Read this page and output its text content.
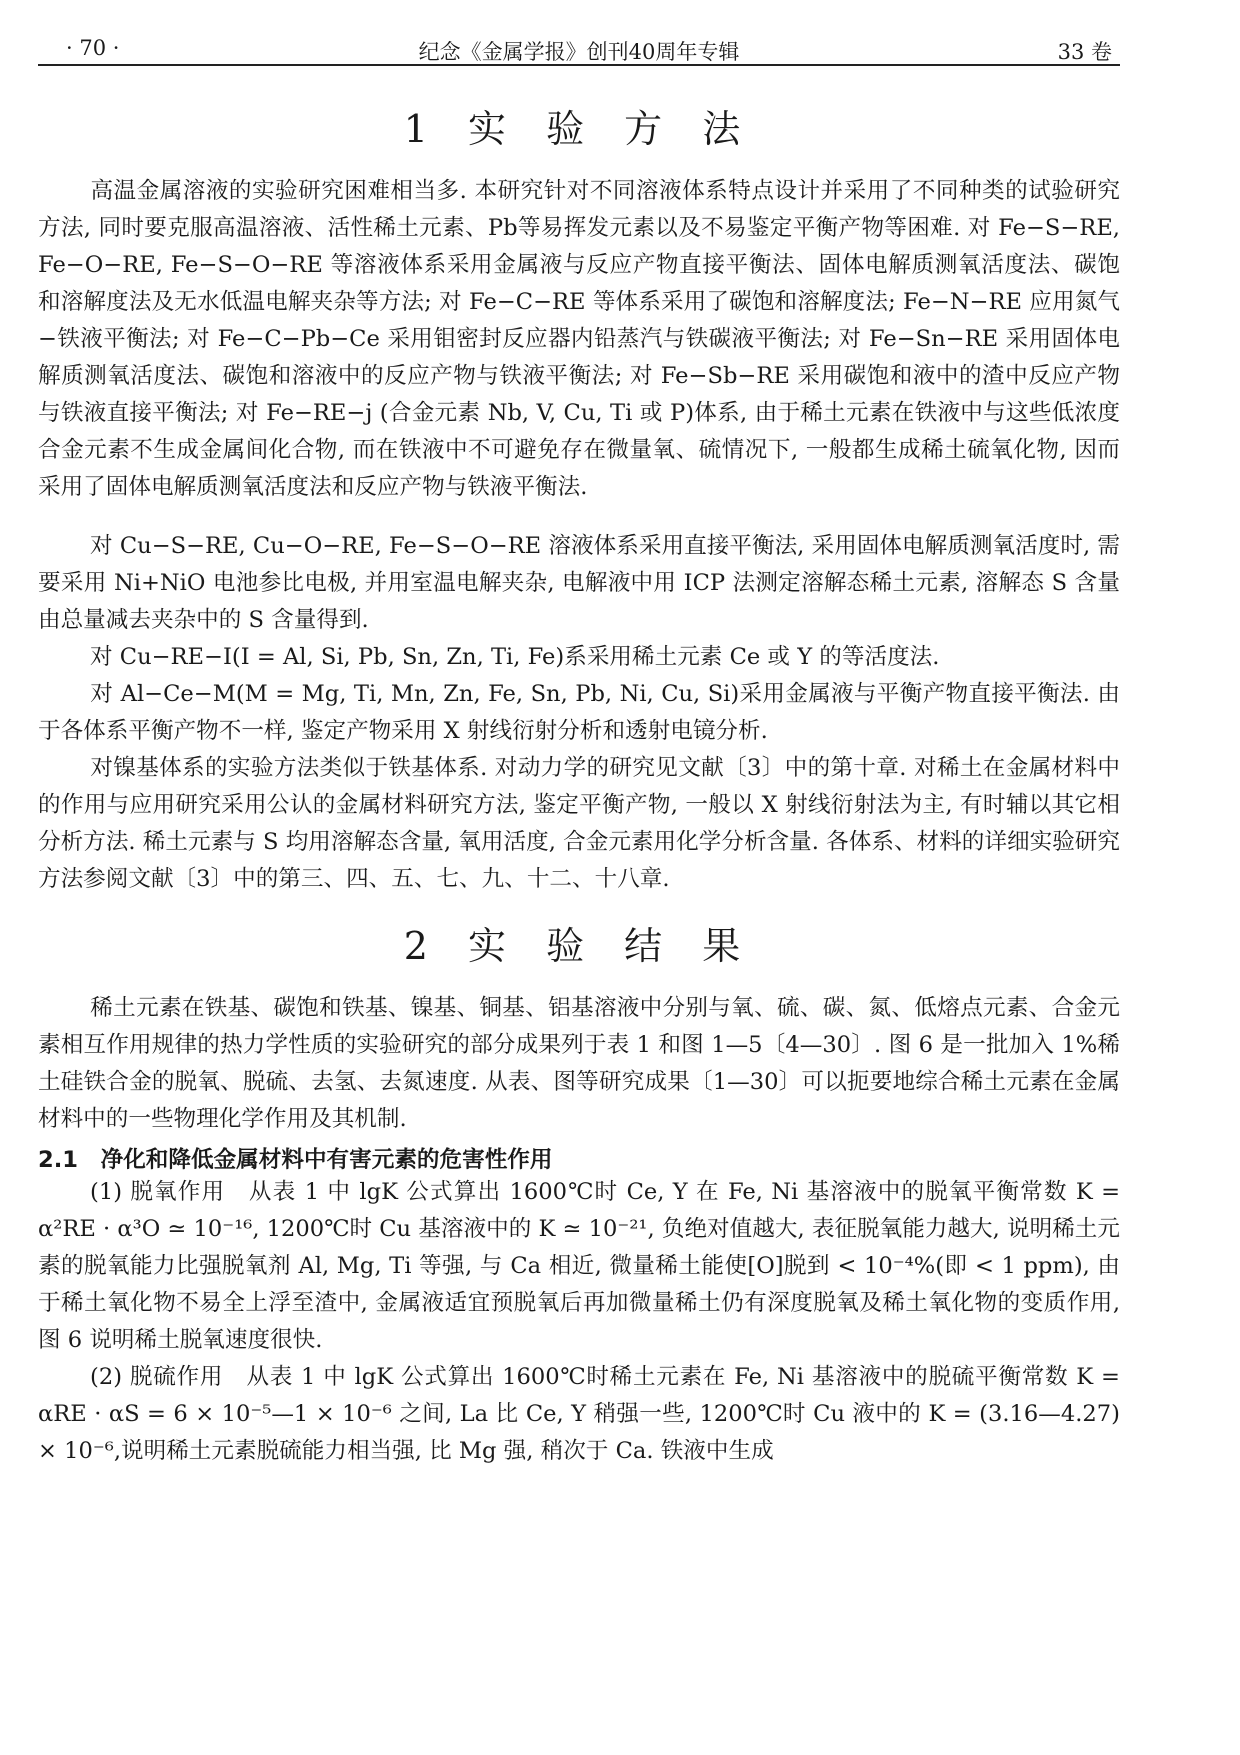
· 70 ·	纪念《金属学报》创刊40周年专辑	33 卷
1 实 验 方 法

高温金属溶液的实验研究困难相当多. 本研究针对不同溶液体系特点设计并采用了不同种类的试验研究方法, 同时要克服高温溶液、活性稀土元素、Pb等易挥发元素以及不易鉴定平衡产物等困难. 对 Fe−S−RE, Fe−O−RE, Fe−S−O−RE 等溶液体系采用金属液与反应产物直接平衡法、固体电解质测氧活度法、碳饱和溶解度法及无水低温电解夹杂等方法; 对 Fe−C−RE 等体系采用了碳饱和溶解度法; Fe−N−RE 应用氮气−铁液平衡法; 对 Fe−C−Pb−Ce 采用钼密封反应器内铅蒸汽与铁碳液平衡法; 对 Fe−Sn−RE 采用固体电解质测氧活度法、碳饱和溶液中的反应产物与铁液平衡法; 对 Fe−Sb−RE 采用碳饱和液中的渣中反应产物与铁液直接平衡法; 对 Fe−RE−j (合金元素 Nb, V, Cu, Ti 或 P)体系, 由于稀土元素在铁液中与这些低浓度合金元素不生成金属间化合物, 而在铁液中不可避免存在微量氧、硫情况下, 一般都生成稀土硫氧化物, 因而采用了固体电解质测氧活度法和反应产物与铁液平衡法.

对 Cu−S−RE, Cu−O−RE, Fe−S−O−RE 溶液体系采用直接平衡法, 采用固体电解质测氧活度时, 需要采用 Ni+NiO 电池参比电极, 并用室温电解夹杂, 电解液中用 ICP 法测定溶解态稀土元素, 溶解态 S 含量由总量减去夹杂中的 S 含量得到.

对 Cu−RE−I(I = Al, Si, Pb, Sn, Zn, Ti, Fe)系采用稀土元素 Ce 或 Y 的等活度法.

对 Al−Ce−M(M = Mg, Ti, Mn, Zn, Fe, Sn, Pb, Ni, Cu, Si)采用金属液与平衡产物直接平衡法. 由于各体系平衡产物不一样, 鉴定产物采用 X 射线衍射分析和透射电镜分析.

对镍基体系的实验方法类似于铁基体系. 对动力学的研究见文献〔3〕中的第十章. 对稀土在金属材料中的作用与应用研究采用公认的金属材料研究方法, 鉴定平衡产物, 一般以 X 射线衍射法为主, 有时辅以其它相分析方法. 稀土元素与 S 均用溶解态含量, 氧用活度, 合金元素用化学分析含量. 各体系、材料的详细实验研究方法参阅文献〔3〕中的第三、四、五、七、九、十二、十八章.

2 实 验 结 果

稀土元素在铁基、碳饱和铁基、镍基、铜基、铝基溶液中分别与氧、硫、碳、氮、低熔点元素、合金元素相互作用规律的热力学性质的实验研究的部分成果列于表 1 和图 1—5〔4—30〕. 图 6 是一批加入 1%稀土硅铁合金的脱氧、脱硫、去氢、去氮速度. 从表、图等研究成果〔1—30〕可以扼要地综合稀土元素在金属材料中的一些物理化学作用及其机制.

2.1　净化和降低金属材料中有害元素的危害性作用

(1) 脱氧作用　从表 1 中 lgK 公式算出 1600℃时 Ce, Y 在 Fe, Ni 基溶液中的脱氧平衡常数 K = α²RE · α³O ≃ 10⁻¹⁶, 1200℃时 Cu 基溶液中的 K ≃ 10⁻²¹, 负绝对值越大, 表征脱氧能力越大, 说明稀土元素的脱氧能力比强脱氧剂 Al, Mg, Ti 等强, 与 Ca 相近, 微量稀土能使[O]脱到 < 10⁻⁴%(即 < 1 ppm), 由于稀土氧化物不易全上浮至渣中, 金属液适宜预脱氧后再加微量稀土仍有深度脱氧及稀土氧化物的变质作用, 图 6 说明稀土脱氧速度很快.

(2) 脱硫作用　从表 1 中 lgK 公式算出 1600℃时稀土元素在 Fe, Ni 基溶液中的脱硫平衡常数 K = αRE · αS = 6 × 10⁻⁵—1 × 10⁻⁶ 之间, La 比 Ce, Y 稍强一些, 1200℃时 Cu 液中的 K = (3.16—4.27) × 10⁻⁶,说明稀土元素脱硫能力相当强, 比 Mg 强, 稍次于 Ca. 铁液中生成
